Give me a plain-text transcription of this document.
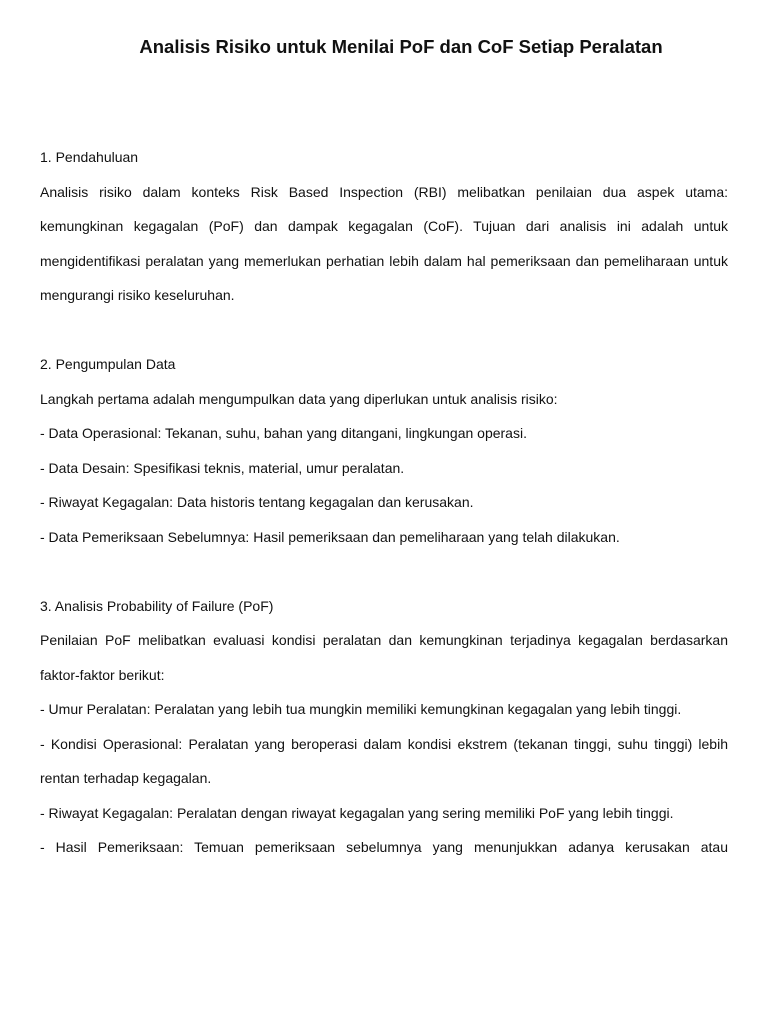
Analisis Risiko untuk Menilai PoF dan CoF Setiap Peralatan

1. Pendahuluan

Analisis risiko dalam konteks Risk Based Inspection (RBI) melibatkan penilaian dua aspek utama: kemungkinan kegagalan (PoF) dan dampak kegagalan (CoF). Tujuan dari analisis ini adalah untuk mengidentifikasi peralatan yang memerlukan perhatian lebih dalam hal pemeriksaan dan pemeliharaan untuk mengurangi risiko keseluruhan.

2. Pengumpulan Data

Langkah pertama adalah mengumpulkan data yang diperlukan untuk analisis risiko:

- Data Operasional: Tekanan, suhu, bahan yang ditangani, lingkungan operasi.

- Data Desain: Spesifikasi teknis, material, umur peralatan.

- Riwayat Kegagalan: Data historis tentang kegagalan dan kerusakan.

- Data Pemeriksaan Sebelumnya: Hasil pemeriksaan dan pemeliharaan yang telah dilakukan.

3. Analisis Probability of Failure (PoF)

Penilaian PoF melibatkan evaluasi kondisi peralatan dan kemungkinan terjadinya kegagalan berdasarkan faktor-faktor berikut:

- Umur Peralatan: Peralatan yang lebih tua mungkin memiliki kemungkinan kegagalan yang lebih tinggi.

- Kondisi Operasional: Peralatan yang beroperasi dalam kondisi ekstrem (tekanan tinggi, suhu tinggi) lebih rentan terhadap kegagalan.

- Riwayat Kegagalan: Peralatan dengan riwayat kegagalan yang sering memiliki PoF yang lebih tinggi.

- Hasil Pemeriksaan: Temuan pemeriksaan sebelumnya yang menunjukkan adanya kerusakan atau
